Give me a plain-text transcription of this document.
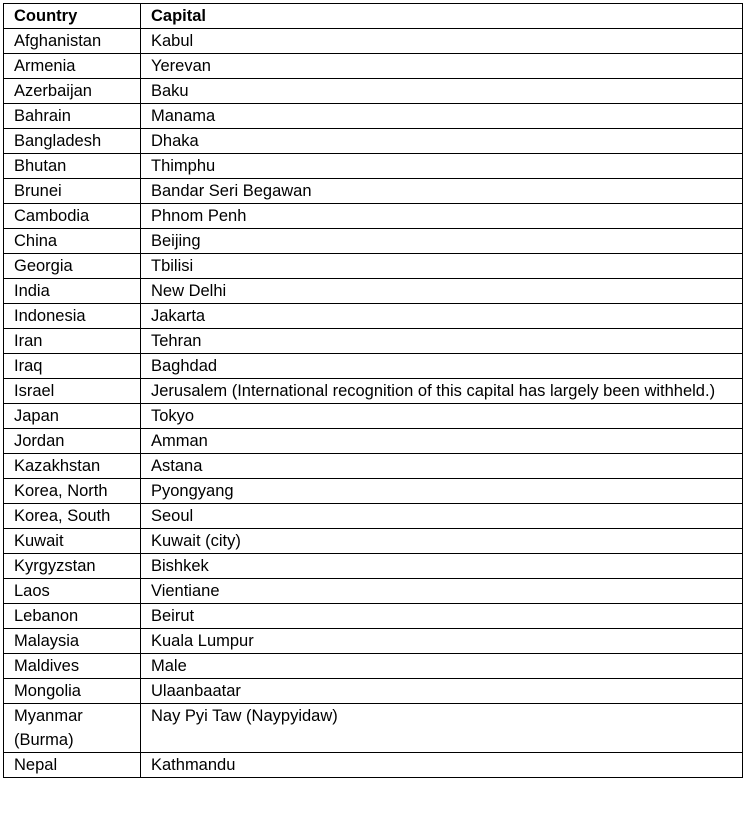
Country	Capital
Afghanistan	Kabul
Armenia	Yerevan
Azerbaijan	Baku
Bahrain	Manama
Bangladesh	Dhaka
Bhutan	Thimphu
Brunei	Bandar Seri Begawan
Cambodia	Phnom Penh
China	Beijing
Georgia	Tbilisi
India	New Delhi
Indonesia	Jakarta
Iran	Tehran
Iraq	Baghdad
Israel	Jerusalem (International recognition of this capital has largely been withheld.)
Japan	Tokyo
Jordan	Amman
Kazakhstan	Astana
Korea, North	Pyongyang
Korea, South	Seoul
Kuwait	Kuwait (city)
Kyrgyzstan	Bishkek
Laos	Vientiane
Lebanon	Beirut
Malaysia	Kuala Lumpur
Maldives	Male
Mongolia	Ulaanbaatar
Myanmar (Burma)	Nay Pyi Taw (Naypyidaw)
Nepal	Kathmandu
